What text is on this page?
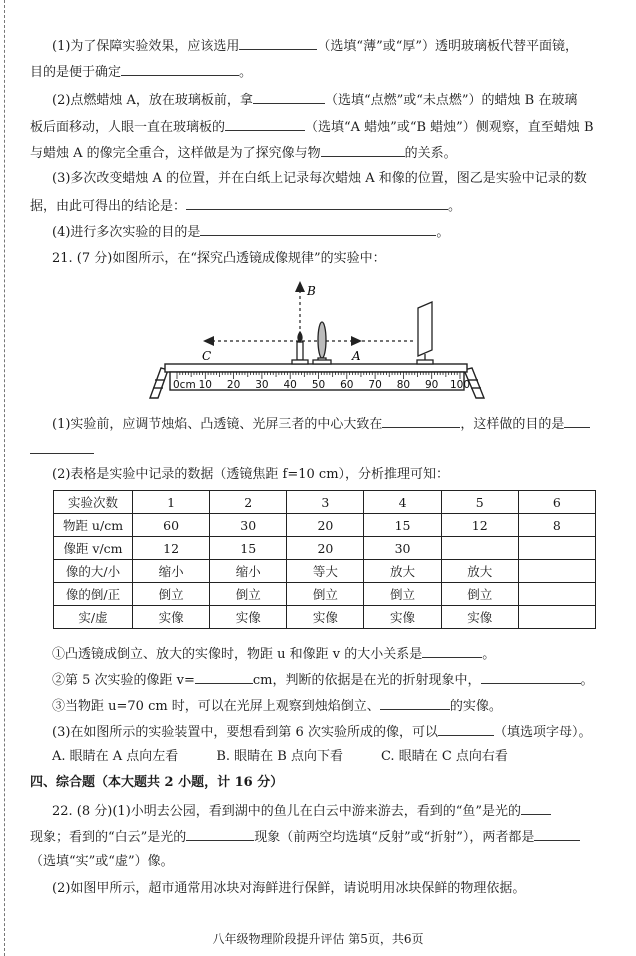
(1)为了保障实验效果，应该选用	（选填“薄”或“厚”）透明玻璃板代替平面镜，
目的是便于确定	。
(2)点燃蜡烛 A，放在玻璃板前，拿	（选填“点燃”或“未点燃”）的蜡烛 B 在玻璃
板后面移动，人眼一直在玻璃板的	（选填“A 蜡烛”或“B 蜡烛”）侧观察，直至蜡烛 B
与蜡烛 A 的像完全重合，这样做是为了探究像与物	的关系。
(3)多次改变蜡烛 A 的位置，并在白纸上记录每次蜡烛 A 和像的位置，图乙是实验中记录的数
据，由此可得出的结论是：	。
(4)进行多次实验的目的是	。
21. (7 分)如图所示，在“探究凸透镜成像规律”的实验中：
0cm 10 20 30 40 50 60 70 80 90 100
B
C	A
(1)实验前，应调节烛焰、凸透镜、光屏三者的中心大致在	，这样做的目的是
(2)表格是实验中记录的数据（透镜焦距 f=10 cm），分析推理可知：
实验次数	1	2	3	4	5	6
物距 u/cm	60	30	20	15	12	8
像距 v/cm	12	15	20	30		
像的大/小	缩小	缩小	等大	放大	放大	
像的倒/正	倒立	倒立	倒立	倒立	倒立	
实/虚	实像	实像	实像	实像	实像	
①凸透镜成倒立、放大的实像时，物距 u 和像距 v 的大小关系是	。
②第 5 次实验的像距 v=	cm，判断的依据是在光的折射现象中，	。
③当物距 u=70 cm 时，可以在光屏上观察到烛焰倒立、	的实像。
(3)在如图所示的实验装置中，要想看到第 6 次实验所成的像，可以	（填选项字母）。
A. 眼睛在 A 点向左看	B. 眼睛在 B 点向下看	C. 眼睛在 C 点向右看
四、综合题（本大题共 2 小题，计 16 分）
22. (8 分)(1)小明去公园，看到湖中的鱼儿在白云中游来游去，看到的“鱼”是光的
现象；看到的“白云”是光的	现象（前两空均选填“反射”或“折射”），两者都是
（选填“实”或“虚”）像。
(2)如图甲所示，超市通常用冰块对海鲜进行保鲜，请说明用冰块保鲜的物理依据。
八年级物理阶段提升评估 第5页，共6页
